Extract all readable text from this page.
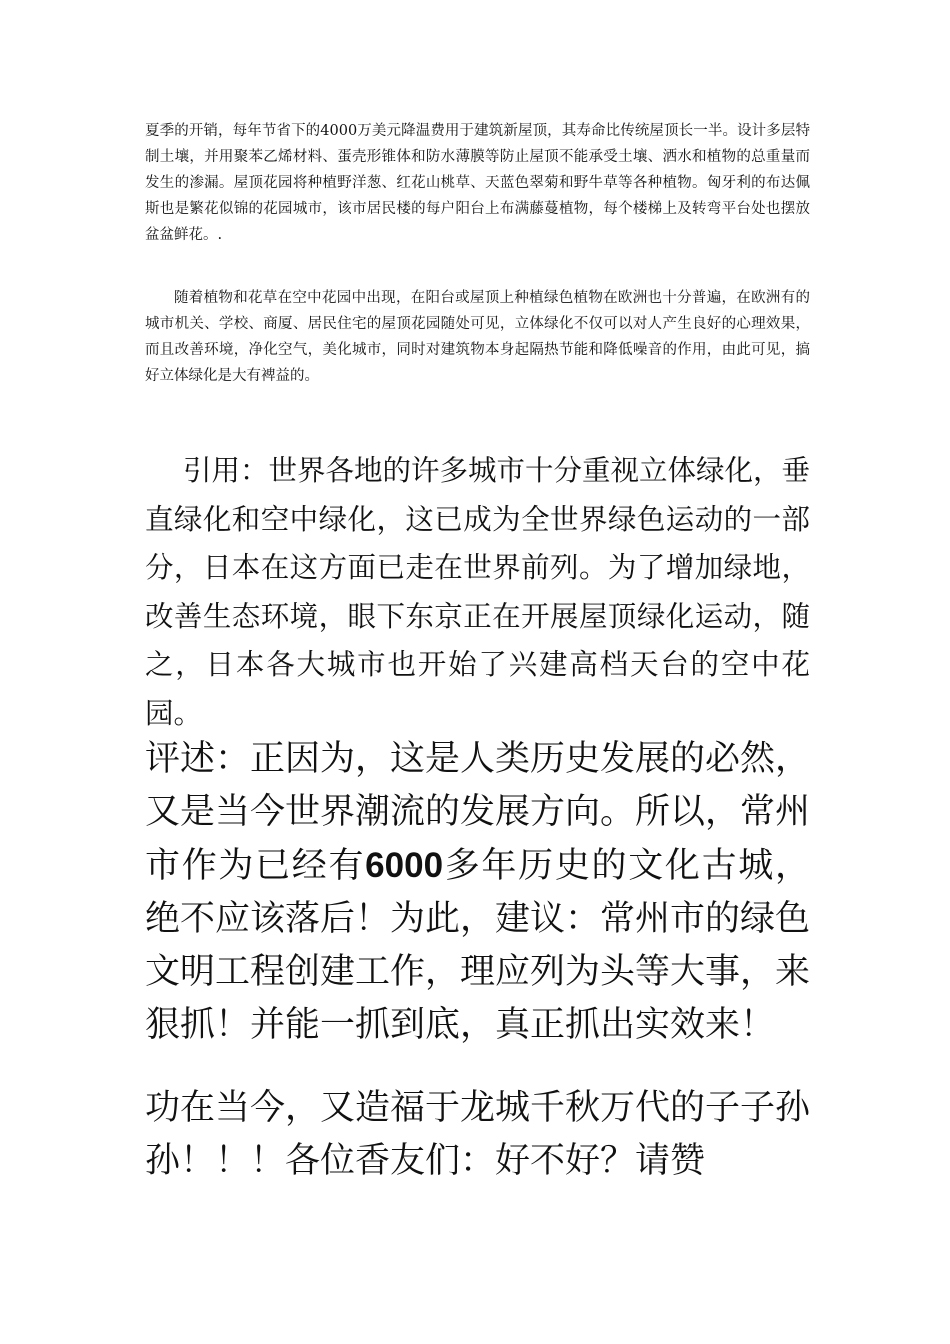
夏季的开销，每年节省下的4000万美元降温费用于建筑新屋顶，其寿命比传统屋顶长一半。设计多层特制土壤，并用聚苯乙烯材料、蛋壳形锥体和防水薄膜等防止屋顶不能承受土壤、洒水和植物的总重量而发生的渗漏。屋顶花园将种植野洋葱、红花山桃草、天蓝色翠菊和野牛草等各种植物。匈牙利的布达佩斯也是繁花似锦的花园城市，该市居民楼的每户阳台上布满藤蔓植物，每个楼梯上及转弯平台处也摆放盆盆鲜花。.

随着植物和花草在空中花园中出现，在阳台或屋顶上种植绿色植物在欧洲也十分普遍，在欧洲有的城市机关、学校、商厦、居民住宅的屋顶花园随处可见，立体绿化不仅可以对人产生良好的心理效果，而且改善环境，净化空气，美化城市，同时对建筑物本身起隔热节能和降低噪音的作用，由此可见，搞好立体绿化是大有裨益的。

引用：世界各地的许多城市十分重视立体绿化，垂直绿化和空中绿化，这已成为全世界绿色运动的一部分，日本在这方面已走在世界前列。为了增加绿地，改善生态环境，眼下东京正在开展屋顶绿化运动，随之，日本各大城市也开始了兴建高档天台的空中花园。

评述：正因为，这是人类历史发展的必然，又是当今世界潮流的发展方向。所以，常州市作为已经有6000多年历史的文化古城，绝不应该落后！为此，建议：常州市的绿色文明工程创建工作，理应列为头等大事，来狠抓！并能一抓到底，真正抓出实效来！

功在当今，又造福于龙城千秋万代的子子孙孙！！！各位香友们：好不好？请赞
